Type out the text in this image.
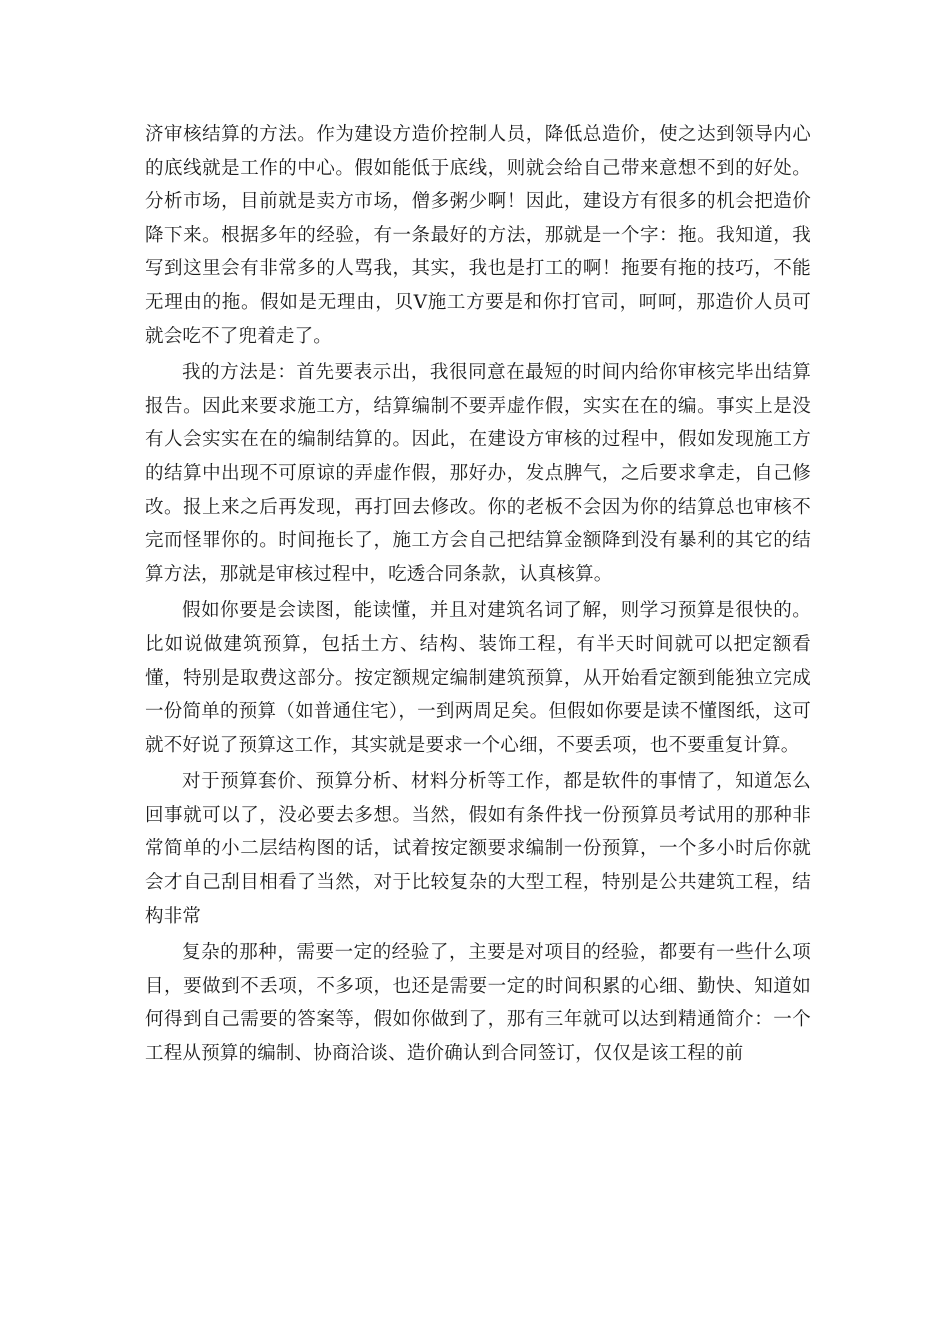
济审核结算的方法。作为建设方造价控制人员，降低总造价，使之达到领导内心的底线就是工作的中心。假如能低于底线，则就会给自己带来意想不到的好处。分析市场，目前就是卖方市场，僧多粥少啊！因此，建设方有很多的机会把造价降下来。根据多年的经验，有一条最好的方法，那就是一个字：拖。我知道，我写到这里会有非常多的人骂我，其实，我也是打工的啊！拖要有拖的技巧，不能无理由的拖。假如是无理由，贝Ⅴ施工方要是和你打官司，呵呵，那造价人员可就会吃不了兜着走了。

我的方法是：首先要表示出，我很同意在最短的时间内给你审核完毕出结算报告。因此来要求施工方，结算编制不要弄虚作假，实实在在的编。事实上是没有人会实实在在的编制结算的。因此，在建设方审核的过程中，假如发现施工方的结算中出现不可原谅的弄虚作假，那好办，发点脾气，之后要求拿走，自己修改。报上来之后再发现，再打回去修改。你的老板不会因为你的结算总也审核不完而怪罪你的。时间拖长了，施工方会自己把结算金额降到没有暴利的其它的结算方法，那就是审核过程中，吃透合同条款，认真核算。

假如你要是会读图，能读懂，并且对建筑名词了解，则学习预算是很快的。比如说做建筑预算，包括土方、结构、装饰工程，有半天时间就可以把定额看懂，特别是取费这部分。按定额规定编制建筑预算，从开始看定额到能独立完成一份简单的预算（如普通住宅），一到两周足矣。但假如你要是读不懂图纸，这可就不好说了预算这工作，其实就是要求一个心细，不要丢项，也不要重复计算。

对于预算套价、预算分析、材料分析等工作，都是软件的事情了，知道怎么回事就可以了，没必要去多想。当然，假如有条件找一份预算员考试用的那种非常简单的小二层结构图的话，试着按定额要求编制一份预算，一个多小时后你就会才自己刮目相看了当然，对于比较复杂的大型工程，特别是公共建筑工程，结构非常

复杂的那种，需要一定的经验了，主要是对项目的经验，都要有一些什么项目，要做到不丢项，不多项，也还是需要一定的时间积累的心细、勤快、知道如何得到自己需要的答案等，假如你做到了，那有三年就可以达到精通简介：一个工程从预算的编制、协商洽谈、造价确认到合同签订，仅仅是该工程的前
